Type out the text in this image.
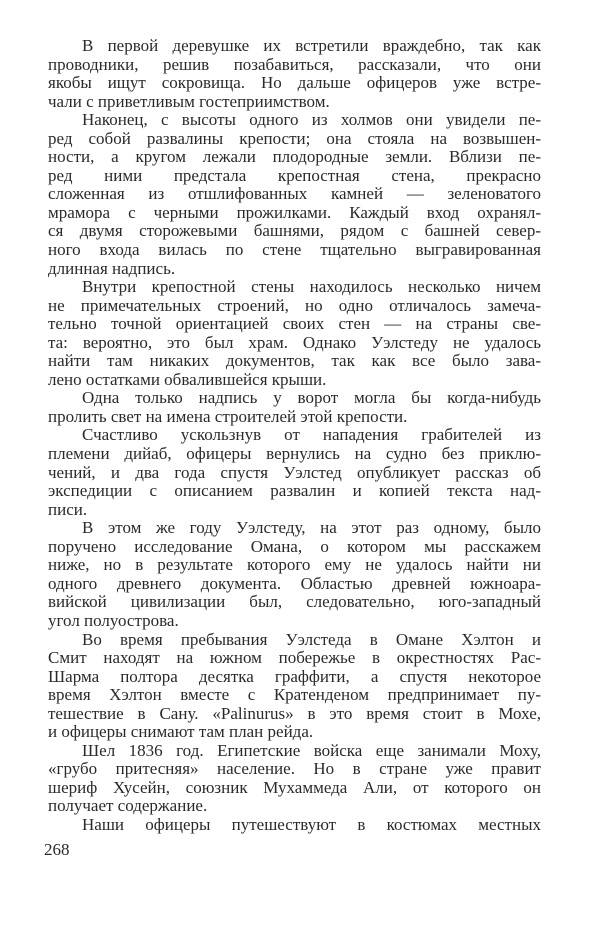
В первой деревушке их встретили враждебно, так как
проводники, решив позабавиться, рассказали, что они
якобы ищут сокровища. Но дальше офицеров уже встре-
чали с приветливым гостеприимством.
Наконец, с высоты одного из холмов они увидели пе-
ред собой развалины крепости; она стояла на возвышен-
ности, а кругом лежали плодородные земли. Вблизи пе-
ред ними предстала крепостная стена, прекрасно
сложенная из отшлифованных камней — зеленоватого
мрамора с черными прожилками. Каждый вход охранял-
ся двумя сторожевыми башнями, рядом с башней север-
ного входа вилась по стене тщательно выгравированная
длинная надпись.
Внутри крепостной стены находилось несколько ничем
не примечательных строений, но одно отличалось замеча-
тельно точной ориентацией своих стен — на страны све-
та: вероятно, это был храм. Однако Уэлстеду не удалось
найти там никаких документов, так как все было зава-
лено остатками обвалившейся крыши.
Одна только надпись у ворот могла бы когда-нибудь
пролить свет на имена строителей этой крепости.
Счастливо ускользнув от нападения грабителей из
племени дийаб, офицеры вернулись на судно без приклю-
чений, и два года спустя Уэлстед опубликует рассказ об
экспедиции с описанием развалин и копией текста над-
писи.
В этом же году Уэлстеду, на этот раз одному, было
поручено исследование Омана, о котором мы расскажем
ниже, но в результате которого ему не удалось найти ни
одного древнего документа. Областью древней южноара-
вийской цивилизации был, следовательно, юго-западный
угол полуострова.
Во время пребывания Уэлстеда в Омане Хэлтон и
Смит находят на южном побережье в окрестностях Рас-
Шарма полтора десятка граффити, а спустя некоторое
время Хэлтон вместе с Кратенденом предпринимает пу-
тешествие в Сану. «Palinurus» в это время стоит в Мохе,
и офицеры снимают там план рейда.
Шел 1836 год. Египетские войска еще занимали Моху,
«грубо притесняя» население. Но в стране уже правит
шериф Хусейн, союзник Мухаммеда Али, от которого он
получает содержание.
Наши офицеры путешествуют в костюмах местных
268
